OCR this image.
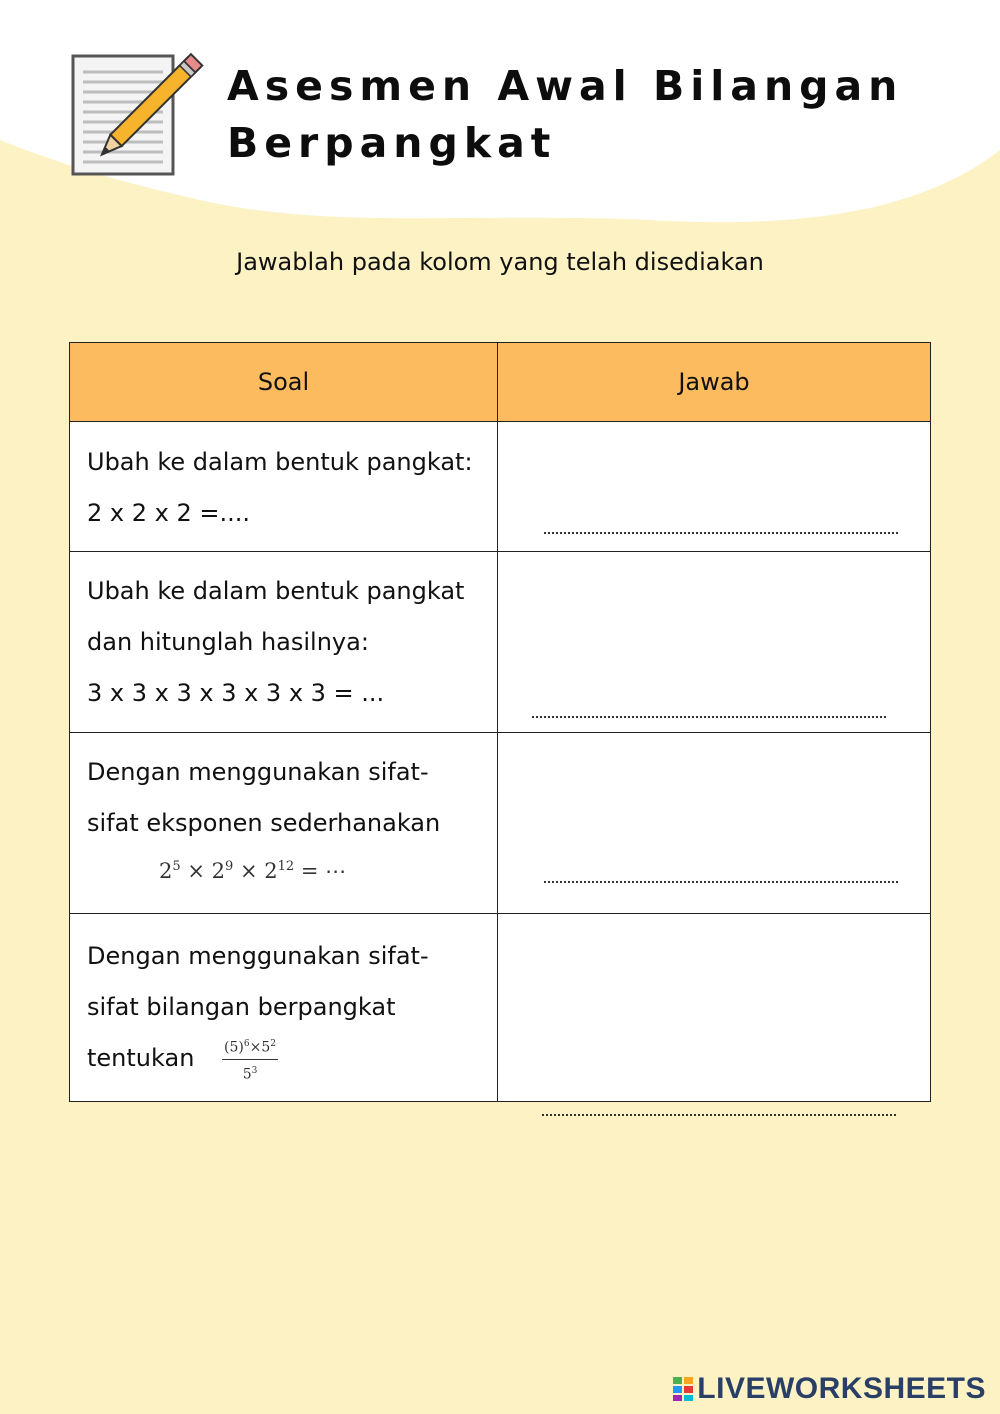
Asesmen Awal Bilangan
Berpangkat
Jawablah pada kolom yang telah disediakan
Soal	Jawab

Ubah ke dalam bentuk pangkat:
2 x 2 x 2 =....	

Ubah ke dalam bentuk pangkat
dan hitunglah hasilnya:
3 x 3 x 3 x 3 x 3 x 3 = ...	

Dengan menggunakan sifat-
sifat eksponen sederhanakan
$2^5 \times 2^9 \times 2^{12}$ = ⋯	

Dengan menggunakan sifat-
sifat bilangan berpangkat
tentukan $\frac{(5)^6\times 5^2}{5^3}$

LIVEWORKSHEETS
